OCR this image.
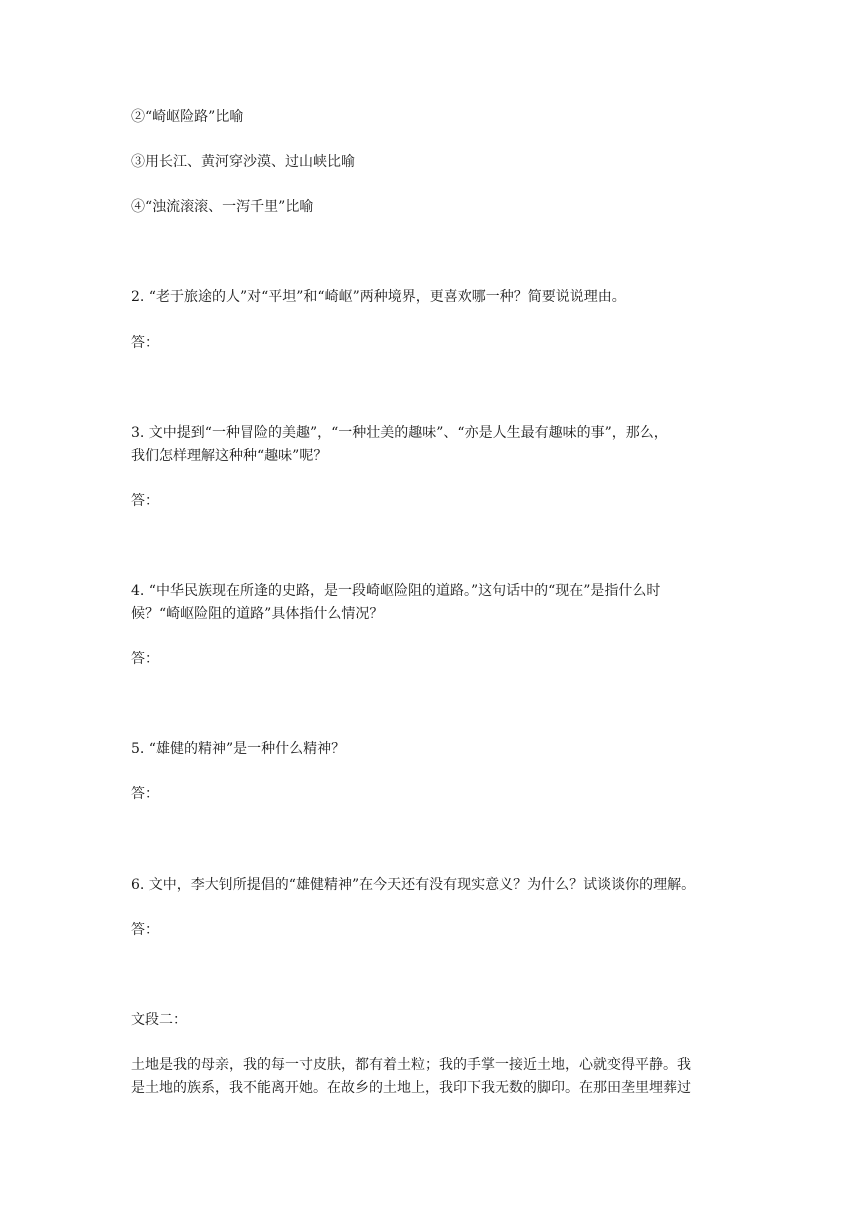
②“崎岖险路”比喻
③用长江、黄河穿沙漠、过山峡比喻
④“浊流滚滚、一泻千里”比喻
2. “老于旅途的人”对“平坦”和“崎岖”两种境界，更喜欢哪一种？简要说说理由。
答：
3. 文中提到“一种冒险的美趣”，“一种壮美的趣味”、“亦是人生最有趣味的事”，那么，
我们怎样理解这种种“趣味”呢？
答：
4. “中华民族现在所逢的史路，是一段崎岖险阻的道路。”这句话中的“现在”是指什么时
候？“崎岖险阻的道路”具体指什么情况？
答：
5. “雄健的精神”是一种什么精神？
答：
6. 文中，李大钊所提倡的“雄健精神”在今天还有没有现实意义？为什么？试谈谈你的理解。
答：
文段二：
土地是我的母亲，我的每一寸皮肤，都有着土粒；我的手掌一接近土地，心就变得平静。我
是土地的族系，我不能离开她。在故乡的土地上，我印下我无数的脚印。在那田垄里埋葬过
